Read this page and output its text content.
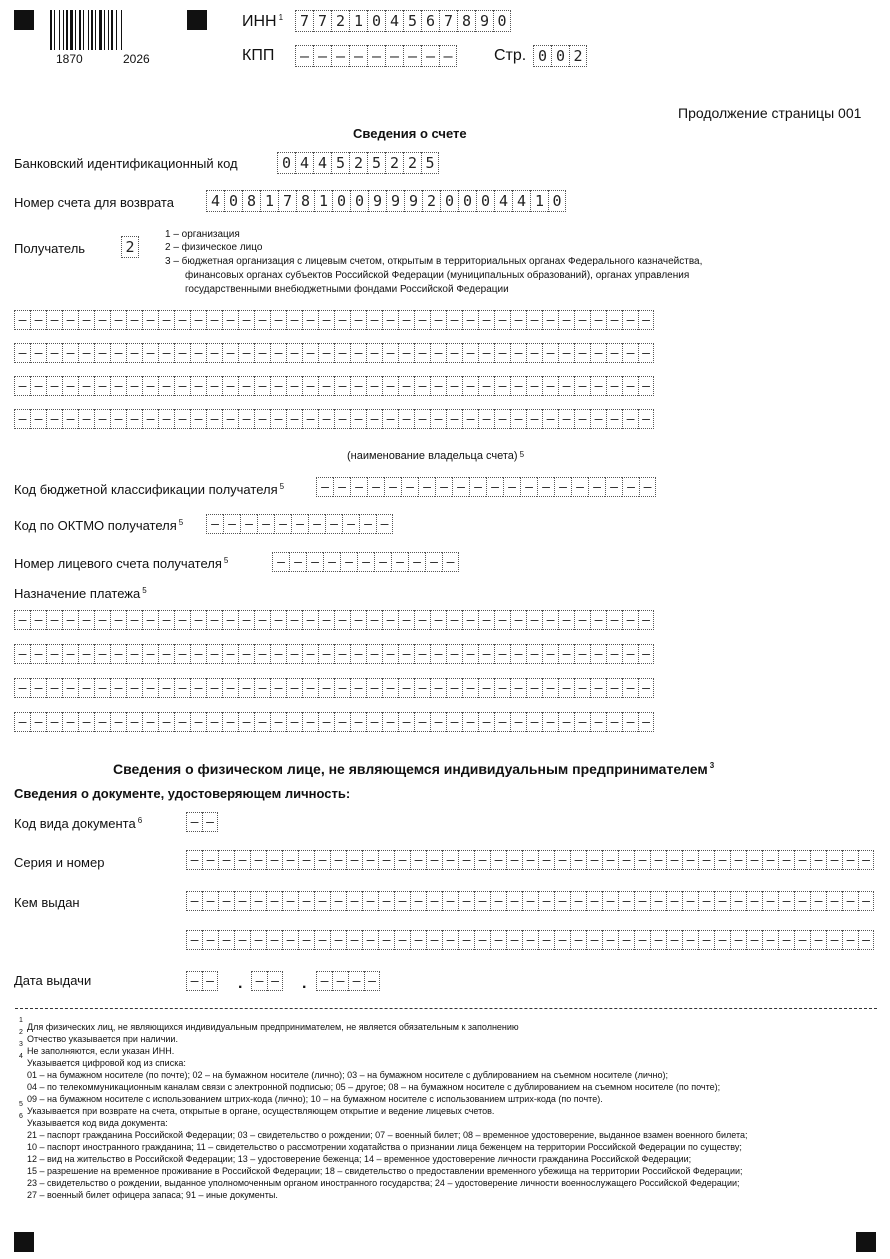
1870	2026
ИНН $^1$	7 7 2 1 0 4 5 6 7 8 9 0
КПП	– – – – – – – – –	Стр. 0 0 2
Продолжение страницы 001
Сведения о счете
Банковский идентификационный код	0 4 4 5 2 5 2 2 5
Номер счета для возврата	4 0 8 1 7 8 1 0 0 9 9 9 2 0 0 0 4 4 1 0
Получатель	2
1 – организация
2 – физическое лицо
3 – бюджетная организация с лицевым счетом, открытым в территориальных органах Федерального казначейства,
финансовых органах субъектов Российской Федерации (муниципальных образований), органах управления
государственными внебюджетными фондами Российской Федерации
– – – – – – – – – – – – – – – – – – – – – – – – – – – – – – – – – – – – – – – –
– – – – – – – – – – – – – – – – – – – – – – – – – – – – – – – – – – – – – – – –
– – – – – – – – – – – – – – – – – – – – – – – – – – – – – – – – – – – – – – – –
– – – – – – – – – – – – – – – – – – – – – – – – – – – – – – – – – – – – – – – –
(наименование владельца счета) $^5$
Код бюджетной классификации получателя $^5$	– – – – – – – – – – – – – – – – – – – –
Код по ОКТМО получателя $^5$	– – – – – – – – – – –
Номер лицевого счета получателя $^5$	– – – – – – – – – – –
Назначение платежа $^5$
– – – – – – – – – – – – – – – – – – – – – – – – – – – – – – – – – – – – – – – –
– – – – – – – – – – – – – – – – – – – – – – – – – – – – – – – – – – – – – – – –
– – – – – – – – – – – – – – – – – – – – – – – – – – – – – – – – – – – – – – – –
– – – – – – – – – – – – – – – – – – – – – – – – – – – – – – – – – – – – – – – –
Сведения о физическом лице, не являющемся индивидуальным предпринимателем $^3$
Сведения о документе, удостоверяющем личность:
Код вида документа $^6$	– –
Серия и номер	– – – – – – – – – – – – – – – – – – – – – – – – – – – – – – – – – – – – – – – – – – –
Кем выдан	– – – – – – – – – – – – – – – – – – – – – – – – – – – – – – – – – – – – – – – – – – –
– – – – – – – – – – – – – – – – – – – – – – – – – – – – – – – – – – – – – – – – – – –
Дата выдачи	– – .	– – .	– – – –
Для физических лиц, не являющихся индивидуальным предпринимателем, не является обязательным к заполнению
Отчество указывается при наличии.
Не заполняются, если указан ИНН.
Указывается цифровой код из списка:
01 – на бумажном носителе (по почте); 02 – на бумажном носителе (лично); 03 – на бумажном носителе с дублированием на съемном носителе (лично);
04 – по телекоммуникационным каналам связи с электронной подписью; 05 – другое; 08 – на бумажном носителе с дублированием на съемном носителе (по почте);
09 – на бумажном носителе с использованием штрих-кода (лично); 10 – на бумажном носителе с использованием штрих-кода (по почте).
Указывается при возврате на счета, открытые в органе, осуществляющем открытие и ведение лицевых счетов.
Указывается код вида документа:
21 – паспорт гражданина Российской Федерации; 03 – свидетельство о рождении; 07 – военный билет; 08 – временное удостоверение, выданное взамен военного билета;
10 – паспорт иностранного гражданина; 11 – свидетельство о рассмотрении ходатайства о признании лица беженцем на территории Российской Федерации по существу;
12 – вид на жительство в Российской Федерации; 13 – удостоверение беженца; 14 – временное удостоверение личности гражданина Российской Федерации;
15 – разрешение на временное проживание в Российской Федерации; 18 – свидетельство о предоставлении временного убежища на территории Российской Федерации;
23 – свидетельство о рождении, выданное уполномоченным органом иностранного государства; 24 – удостоверение личности военнослужащего Российской Федерации;
27 – военный билет офицера запаса; 91 – иные документы.
1
2
3
4
5
6
